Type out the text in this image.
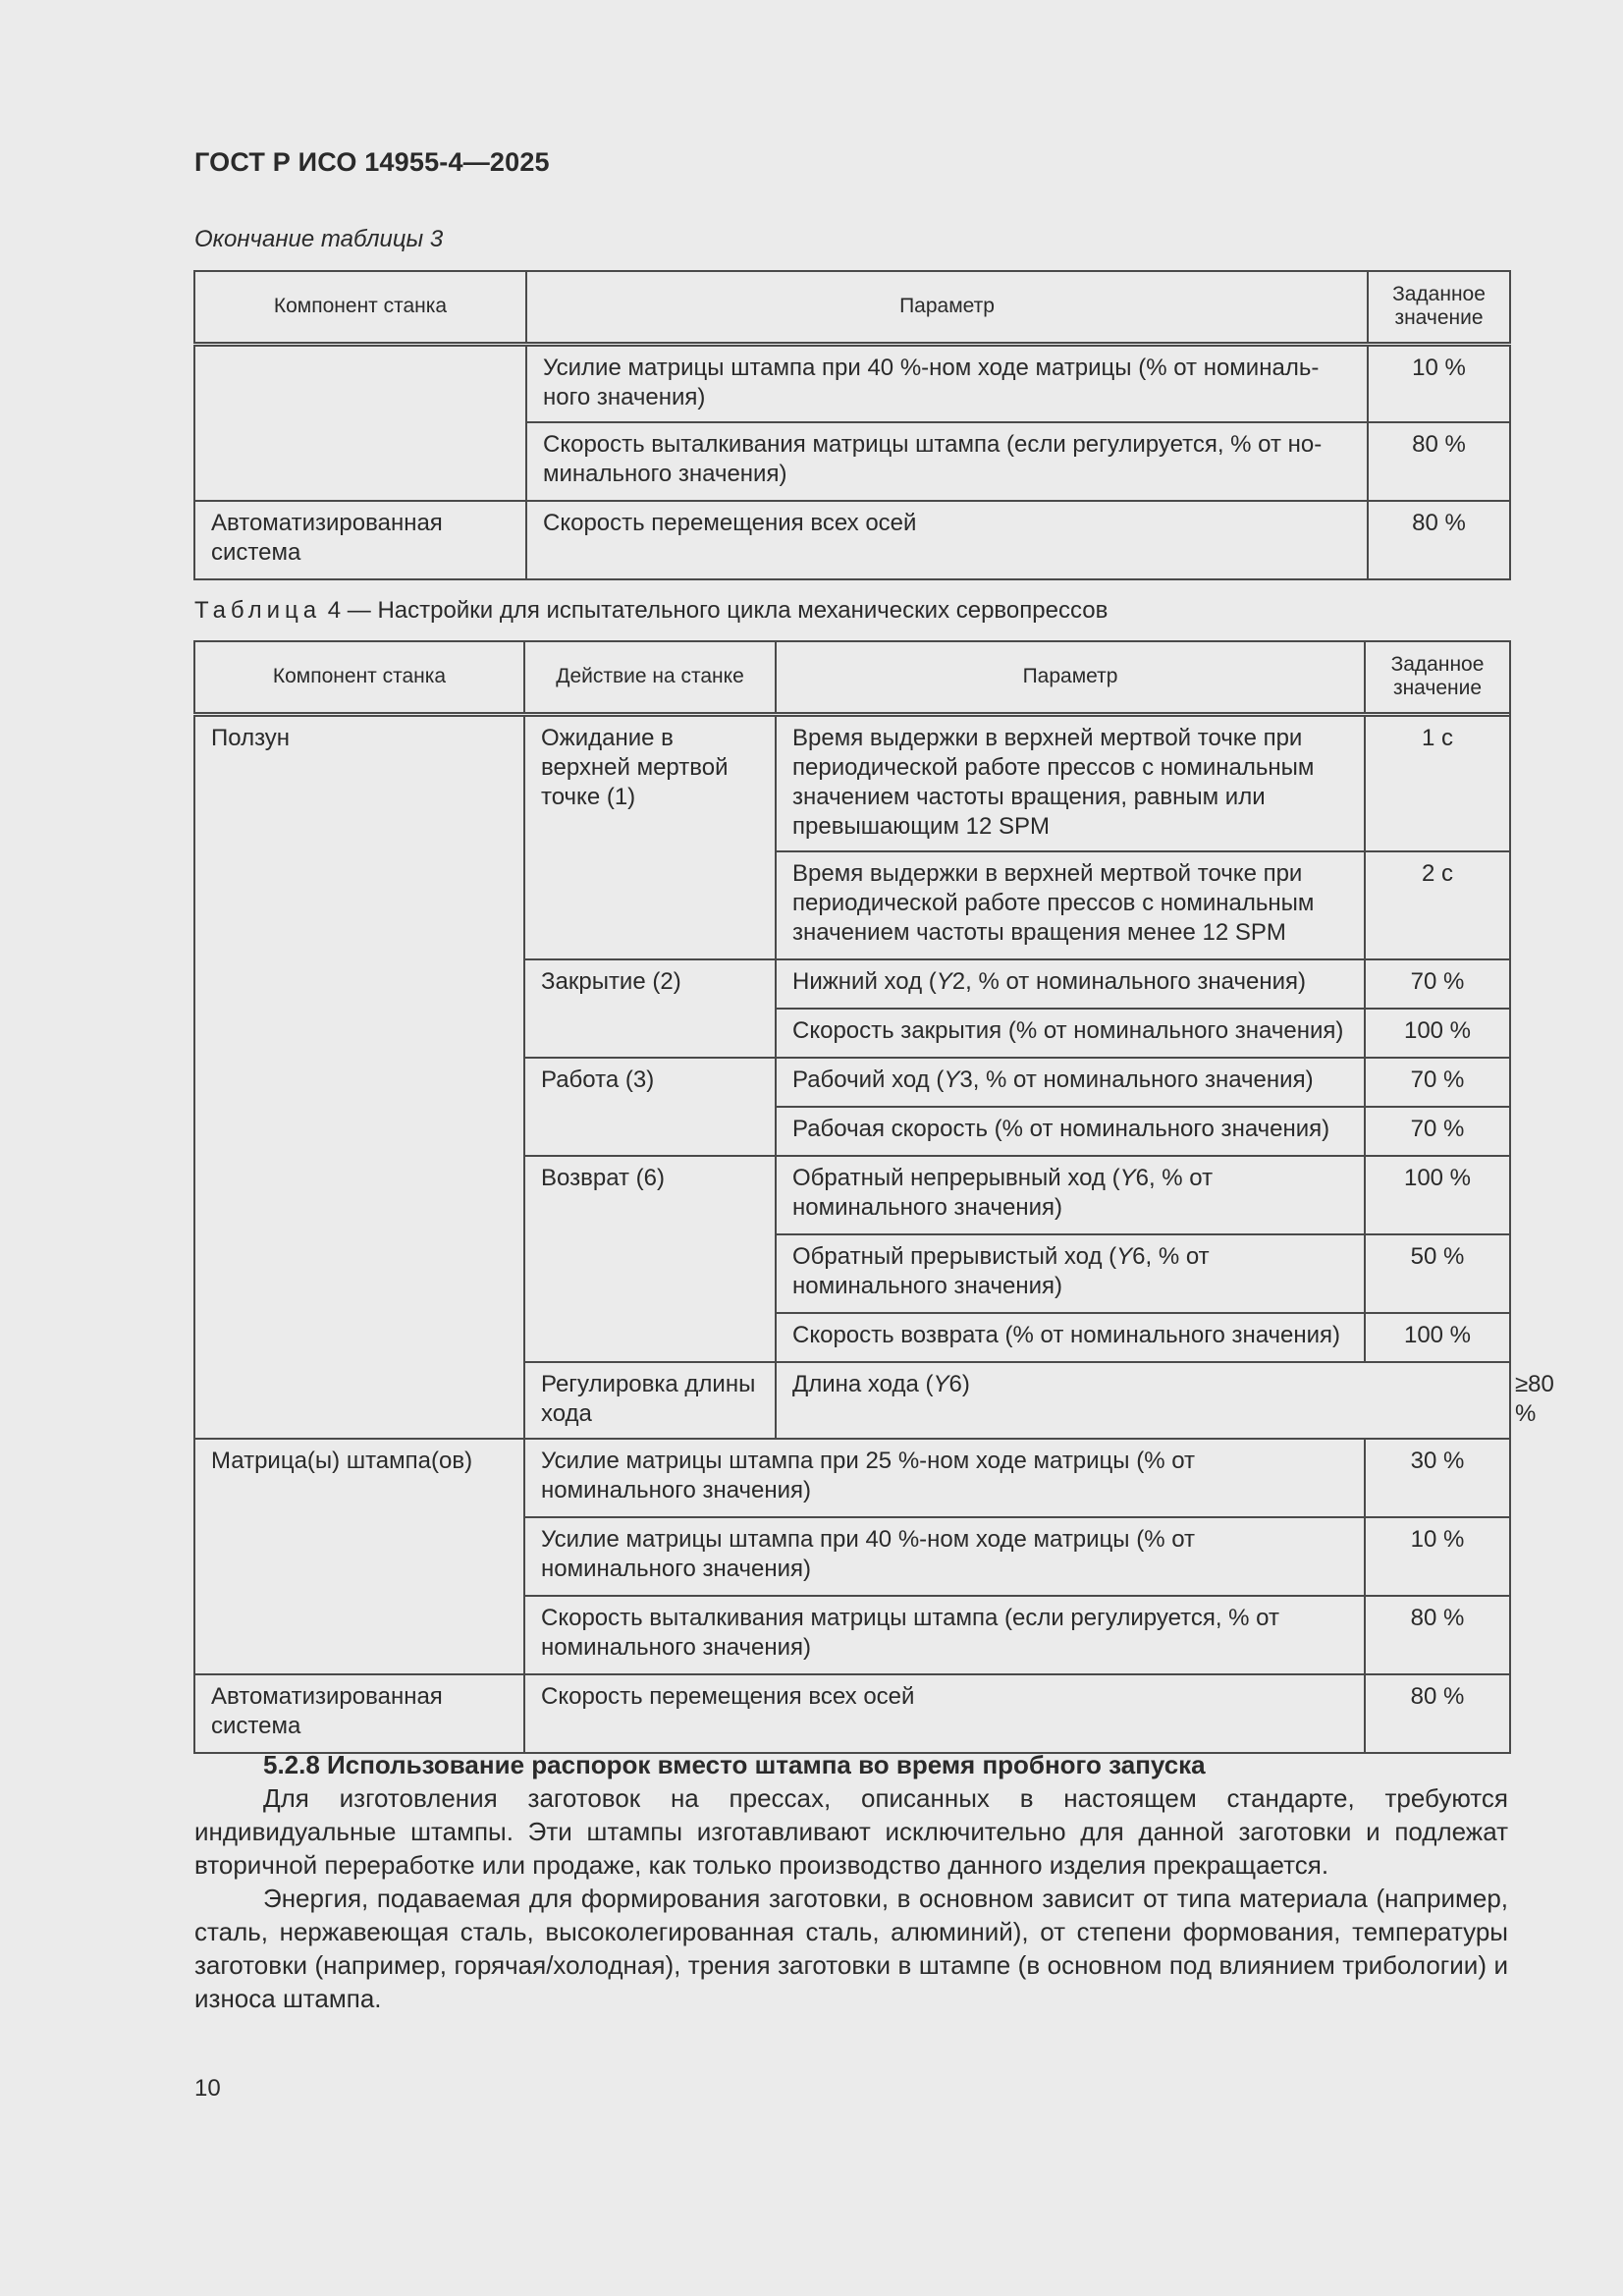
ГОСТ Р ИСО 14955-4—2025
Окончание таблицы 3
Компонент станка	Параметр	Заданное значение
	Усилие матрицы штампа при 40 %-ном ходе матрицы (% от номиналь-ного значения)	10 %
	Скорость выталкивания матрицы штампа (если регулируется, % от но-минального значения)	80 %
Автоматизированная система	Скорость перемещения всех осей	80 %
Таблица 4 — Настройки для испытательного цикла механических сервопрессов
Компонент станка	Действие на станке	Параметр	Заданное значение	
Ползун	Ожидание в верхней мертвой точке (1)	Время выдержки в верхней мертвой точке при периодической работе прессов с номинальным значением частоты вращения, равным или превышающим 12 SPM	1 с	
		Время выдержки в верхней мертвой точке при периодической работе прессов с номинальным значением частоты вращения менее 12 SPM	2 с	
	Закрытие (2)	Нижний ход (Y2, % от номинального значения)	70 %	
		Скорость закрытия (% от номинального значения)	100 %	
	Работа (3)	Рабочий ход (Y3, % от номинального значения)	70 %	
		Рабочая скорость (% от номинального значения)	70 %	
	Возврат (6)	Обратный непрерывный ход (Y6, % от номинального значения)	100 %	
		Обратный прерывистый ход (Y6, % от номинального значения)	50 %	
		Скорость возврата (% от номинального значения)	100 %	
	Регулировка длины хода	Длина хода (Y6)		≥80 %
Матрица(ы) штампа(ов)	Усилие матрицы штампа при 25 %-ном ходе матрицы (% от номинального значения)		30 %	
	Усилие матрицы штампа при 40 %-ном ходе матрицы (% от номинального значения)		10 %	
	Скорость выталкивания матрицы штампа (если регулируется, % от номинального значения)		80 %	
Автоматизированная система	Скорость перемещения всех осей		80 %	
5.2.8 Использование распорок вместо штампа во время пробного запуска
Для изготовления заготовок на прессах, описанных в настоящем стандарте, требуются индивидуальные штампы. Эти штампы изготавливают исключительно для данной заготовки и подлежат вторичной переработке или продаже, как только производство данного изделия прекращается.
Энергия, подаваемая для формирования заготовки, в основном зависит от типа материала (например, сталь, нержавеющая сталь, высоколегированная сталь, алюминий), от степени формования, температуры заготовки (например, горячая/холодная), трения заготовки в штампе (в основном под влиянием трибологии) и износа штампа.
10
